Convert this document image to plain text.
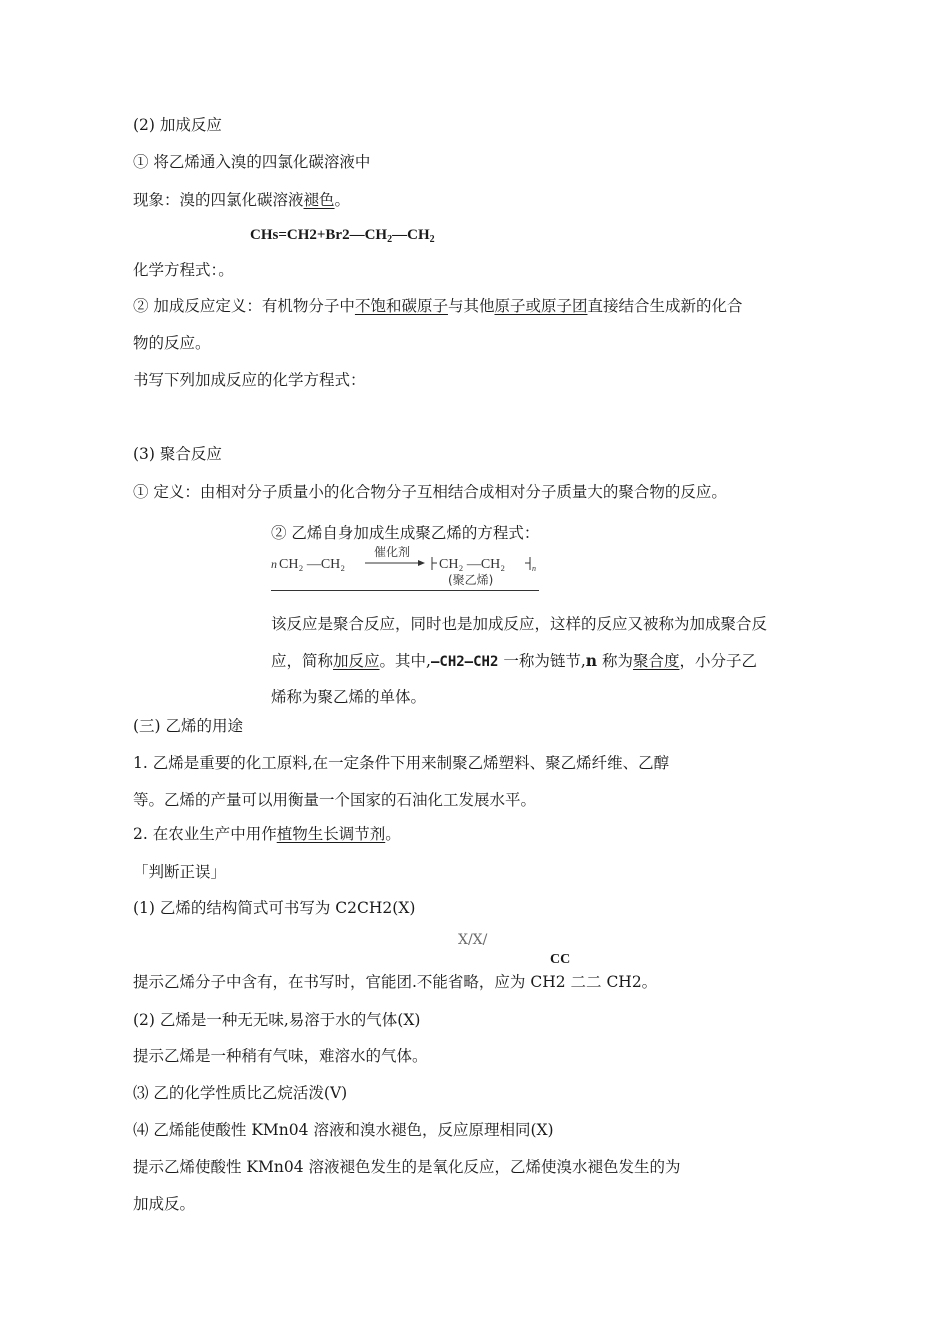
(2) 加成反应
① 将乙烯通入溴的四氯化碳溶液中
现象：溴的四氯化碳溶液褪色。
$CHs=CH2+Br2—CH_2—CH_2$
化学方程式：。
② 加成反应定义：有机物分子中不饱和碳原子与其他原子或原子团直接结合生成新的化合
物的反应。
书写下列加成反应的化学方程式：
(3) 聚合反应
① 定义：由相对分子质量小的化合物分子互相结合成相对分子质量大的聚合物的反应。
② 乙烯自身加成生成聚乙烯的方程式：
n CH₂ —CH₂
催化剂
CH₂ —CH₂	n
(聚乙烯)
该反应是聚合反应，同时也是加成反应，这样的反应又被称为加成聚合反
应，简称加反应。其中,—CH2—CH2 一称为链节,n 称为聚合度，小分子乙
烯称为聚乙烯的单体。
(三) 乙烯的用途
1. 乙烯是重要的化工原料,在一定条件下用来制聚乙烯塑料、聚乙烯纤维、乙醇
等。乙烯的产量可以用衡量一个国家的石油化工发展水平。
2. 在农业生产中用作植物生长调节剂。
「判断正误」
(1) 乙烯的结构简式可书写为 C2CH2(X)
X/X/
CC
提示乙烯分子中含有，在书写时，官能团.不能省略，应为 CH2 二二 CH2。
(2) 乙烯是一种无无味,易溶于水的气体(X)
提示乙烯是一种稍有气味，难溶水的气体。
⑶ 乙的化学性质比乙烷活泼(V)
⑷ 乙烯能使酸性 KMn04 溶液和溴水褪色，反应原理相同(X)
提示乙烯使酸性 KMn04 溶液褪色发生的是氧化反应，乙烯使溴水褪色发生的为
加成反。
